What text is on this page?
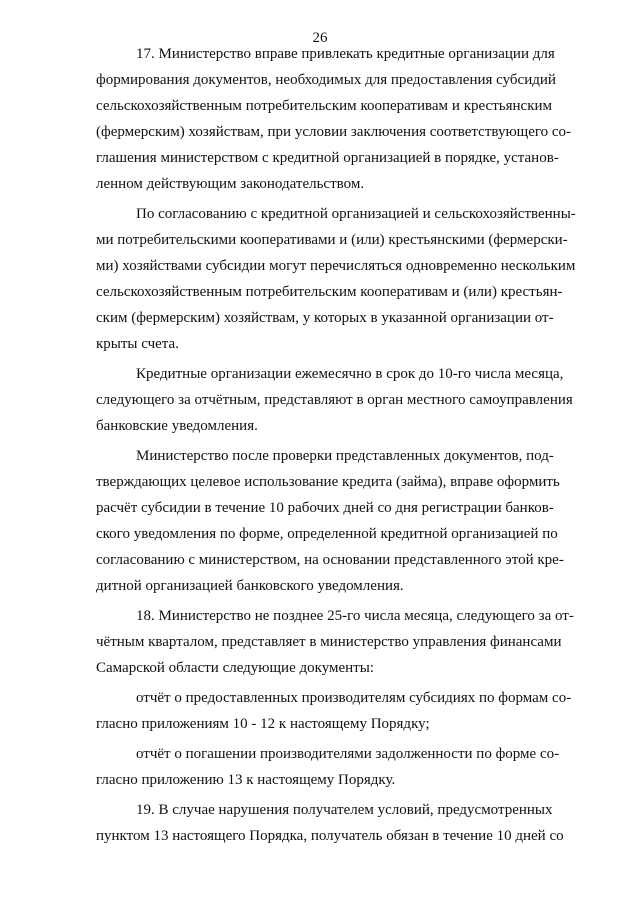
26
17. Министерство вправе привлекать кредитные организации для
формирования документов, необходимых для предоставления субсидий
сельскохозяйственным потребительским кооперативам и крестьянским
(фермерским) хозяйствам, при условии заключения соответствующего со-
глашения министерством с кредитной организацией в порядке, установ-
ленном действующим законодательством.
По согласованию с кредитной организацией и сельскохозяйственны-
ми потребительскими кооперативами и (или) крестьянскими (фермерски-
ми) хозяйствами субсидии могут перечисляться одновременно нескольким
сельскохозяйственным потребительским кооперативам и (или) крестьян-
ским (фермерским) хозяйствам, у которых в указанной организации от-
крыты счета.
Кредитные организации ежемесячно в срок до 10-го числа месяца,
следующего за отчётным, представляют в орган местного самоуправления
банковские уведомления.
Министерство после проверки представленных документов, под-
тверждающих целевое использование кредита (займа), вправе оформить
расчёт субсидии в течение 10 рабочих дней со дня регистрации банков-
ского уведомления по форме, определенной кредитной организацией по
согласованию с министерством, на основании представленного этой кре-
дитной организацией банковского уведомления.
18. Министерство не позднее 25-го числа месяца, следующего за от-
чётным кварталом, представляет в министерство управления финансами
Самарской области следующие документы:
отчёт о предоставленных производителям субсидиях по формам со-
гласно приложениям 10 - 12 к настоящему Порядку;
отчёт о погашении производителями задолженности по форме со-
гласно приложению 13 к настоящему Порядку.
19. В случае нарушения получателем условий, предусмотренных
пунктом 13 настоящего Порядка, получатель обязан в течение 10 дней со
